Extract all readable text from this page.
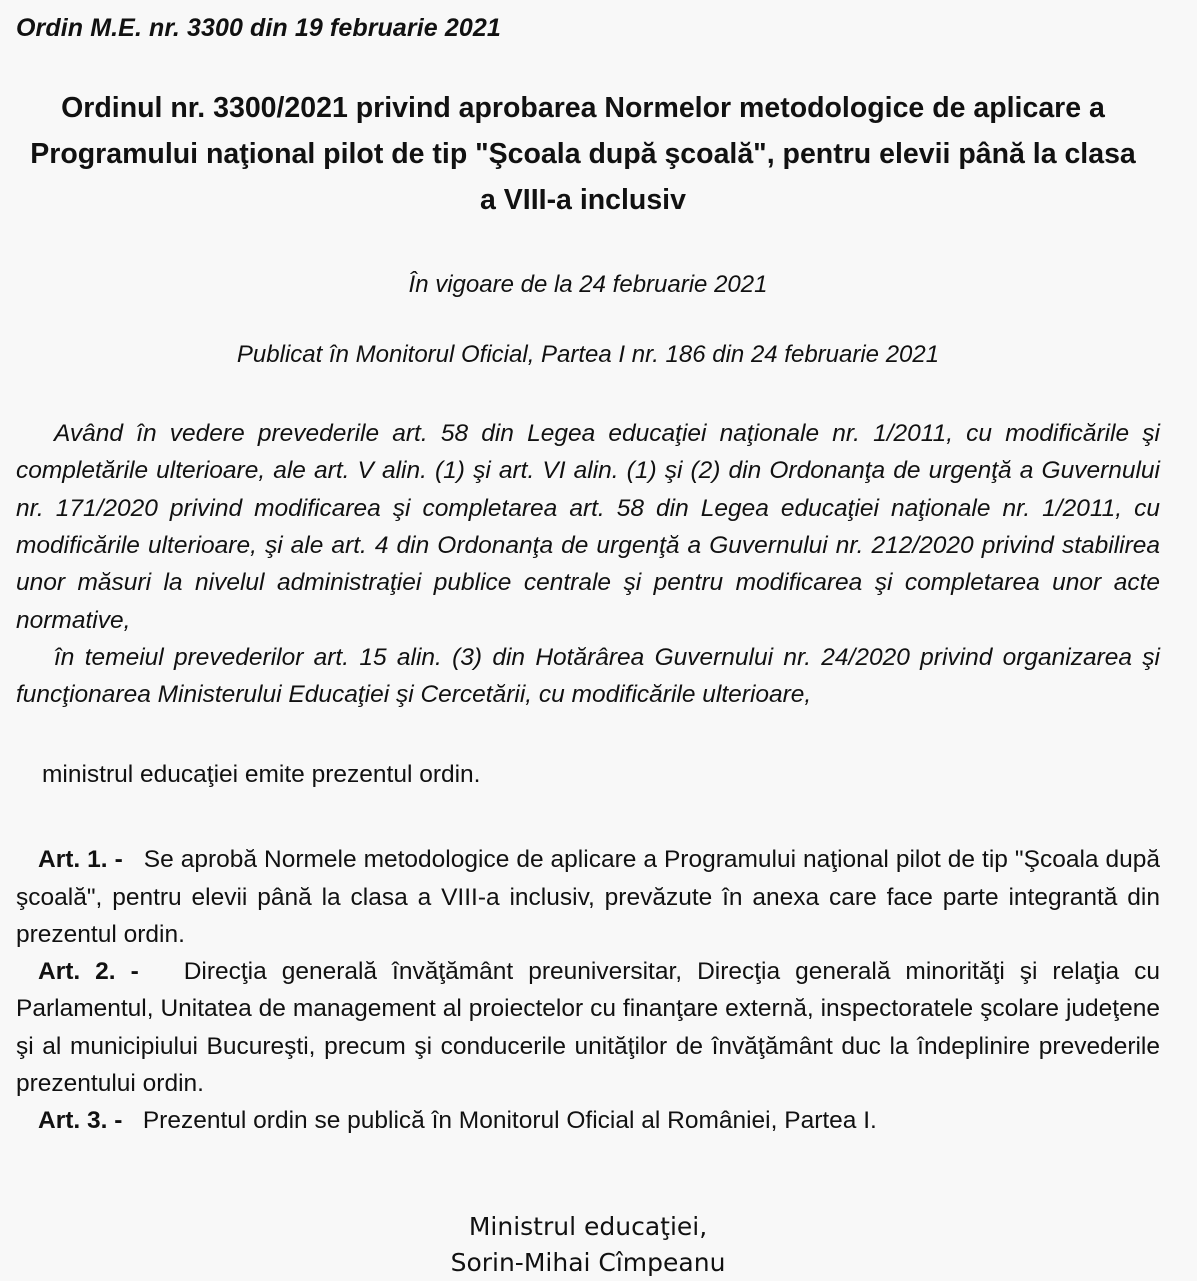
Ordin M.E. nr. 3300 din 19 februarie 2021
Ordinul nr. 3300/2021 privind aprobarea Normelor metodologice de aplicare a Programului naţional pilot de tip "Şcoala după şcoală", pentru elevii până la clasa a VIII-a inclusiv
În vigoare de la 24 februarie 2021
Publicat în Monitorul Oficial, Partea I nr. 186 din 24 februarie 2021

Având în vedere prevederile art. 58 din Legea educaţiei naţionale nr. 1/2011, cu modificările şi completările ulterioare, ale art. V alin. (1) şi art. VI alin. (1) şi (2) din Ordonanţa de urgenţă a Guvernului nr. 171/2020 privind modificarea şi completarea art. 58 din Legea educaţiei naţionale nr. 1/2011, cu modificările ulterioare, şi ale art. 4 din Ordonanţa de urgenţă a Guvernului nr. 212/2020 privind stabilirea unor măsuri la nivelul administraţiei publice centrale şi pentru modificarea şi completarea unor acte normative,

în temeiul prevederilor art. 15 alin. (3) din Hotărârea Guvernului nr. 24/2020 privind organizarea şi funcţionarea Ministerului Educaţiei şi Cercetării, cu modificările ulterioare,

ministrul educaţiei emite prezentul ordin.

Art. 1. - Se aprobă Normele metodologice de aplicare a Programului naţional pilot de tip "Şcoala după şcoală", pentru elevii până la clasa a VIII-a inclusiv, prevăzute în anexa care face parte integrantă din prezentul ordin.

Art. 2. - Direcţia generală învăţământ preuniversitar, Direcţia generală minorităţi şi relaţia cu Parlamentul, Unitatea de management al proiectelor cu finanţare externă, inspectoratele şcolare judeţene şi al municipiului Bucureşti, precum şi conducerile unităţilor de învăţământ duc la îndeplinire prevederile prezentului ordin.

Art. 3. - Prezentul ordin se publică în Monitorul Oficial al României, Partea I.

Ministrul educaţiei,
Sorin-Mihai Cîmpeanu
